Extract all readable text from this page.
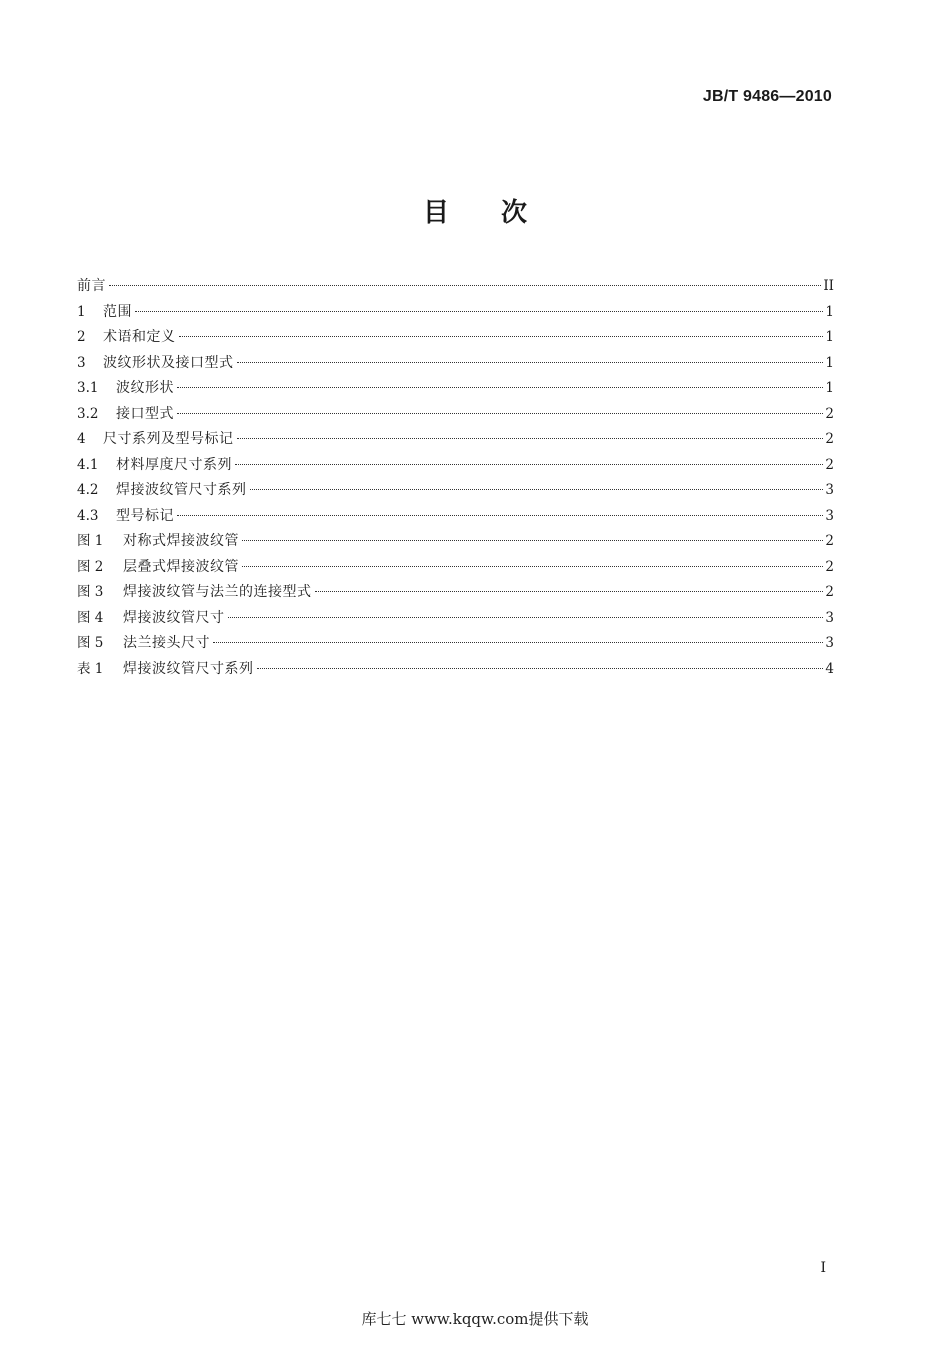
JB/T 9486—2010
目次
前言	II
1	范围	1
2	术语和定义	1
3	波纹形状及接口型式	1
3.1	波纹形状	1
3.2	接口型式	2
4	尺寸系列及型号标记	2
4.1	材料厚度尺寸系列	2
4.2	焊接波纹管尺寸系列	3
4.3	型号标记	3
图 1	对称式焊接波纹管	2
图 2	层叠式焊接波纹管	2
图 3	焊接波纹管与法兰的连接型式	2
图 4	焊接波纹管尺寸	3
图 5	法兰接头尺寸	3
表 1	焊接波纹管尺寸系列	4
I
库七七 www.kqqw.com提供下载
